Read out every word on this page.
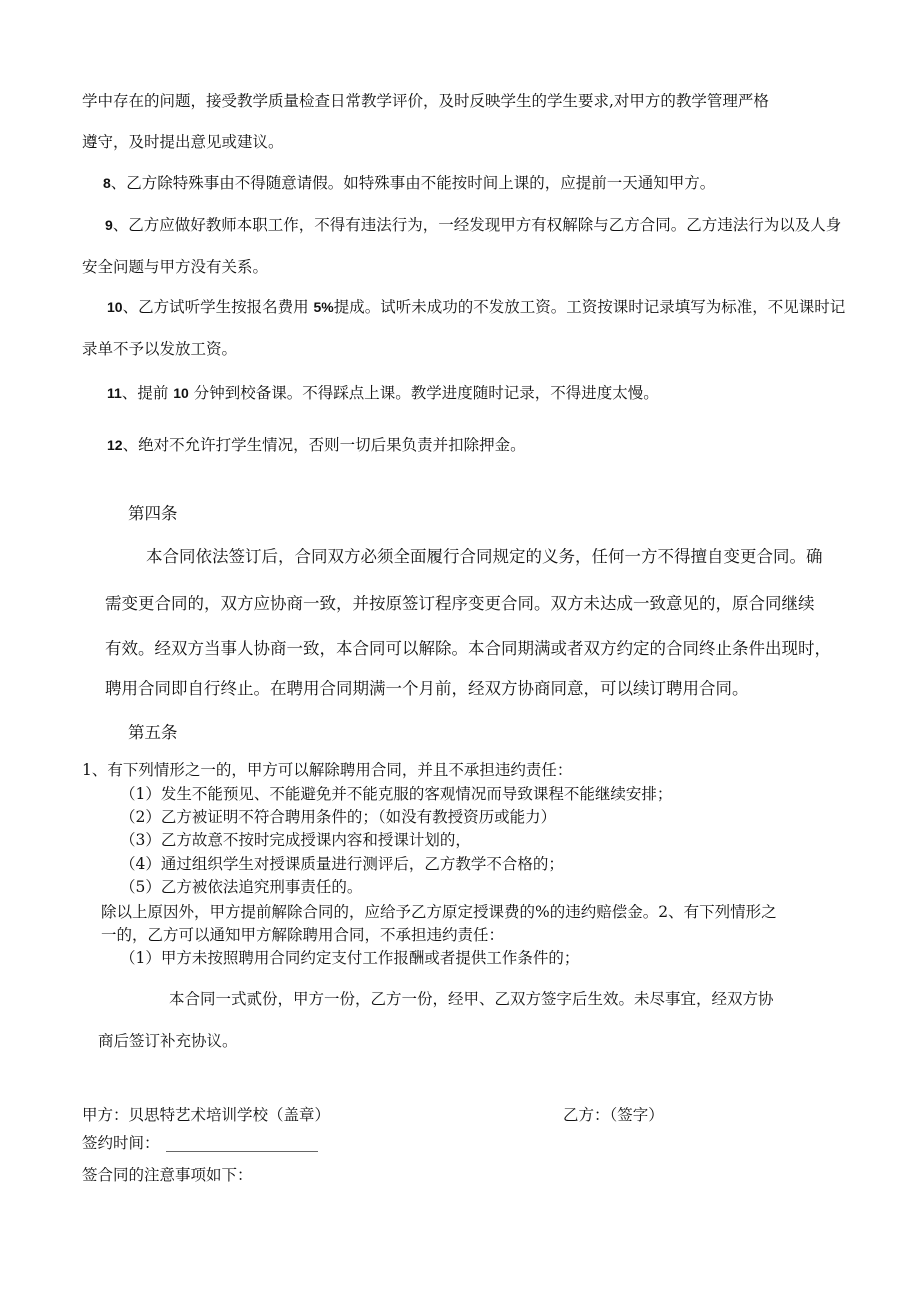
学中存在的问题，接受教学质量检查日常教学评价，及时反映学生的学生要求,对甲方的教学管理严格

遵守，及时提出意见或建议。

8、乙方除特殊事由不得随意请假。如特殊事由不能按时间上课的，应提前一天通知甲方。

9、乙方应做好教师本职工作，不得有违法行为，一经发现甲方有权解除与乙方合同。乙方违法行为以及人身

安全问题与甲方没有关系。

10、乙方试听学生按报名费用 5%提成。试听未成功的不发放工资。工资按课时记录填写为标准，不见课时记

录单不予以发放工资。

11、提前 10 分钟到校备课。不得踩点上课。教学进度随时记录，不得进度太慢。

12、绝对不允许打学生情况，否则一切后果负责并扣除押金。

第四条

本合同依法签订后，合同双方必须全面履行合同规定的义务，任何一方不得擅自变更合同。确

需变更合同的，双方应协商一致，并按原签订程序变更合同。双方未达成一致意见的，原合同继续

有效。经双方当事人协商一致，本合同可以解除。本合同期满或者双方约定的合同终止条件出现时，

聘用合同即自行终止。在聘用合同期满一个月前，经双方协商同意，可以续订聘用合同。

第五条

1、有下列情形之一的，甲方可以解除聘用合同，并且不承担违约责任：

（1）发生不能预见、不能避免并不能克服的客观情况而导致课程不能继续安排；

（2）乙方被证明不符合聘用条件的；（如没有教授资历或能力）

（3）乙方故意不按时完成授课内容和授课计划的，

（4）通过组织学生对授课质量进行测评后，乙方教学不合格的；

（5）乙方被依法追究刑事责任的。

除以上原因外，甲方提前解除合同的，应给予乙方原定授课费的%的违约赔偿金。2、有下列情形之

一的，乙方可以通知甲方解除聘用合同，不承担违约责任：

（1）甲方未按照聘用合同约定支付工作报酬或者提供工作条件的；

本合同一式贰份，甲方一份，乙方一份，经甲、乙双方签字后生效。未尽事宜，经双方协

商后签订补充协议。

甲方：贝思特艺术培训学校（盖章）	乙方：（签字）

签约时间：

签合同的注意事项如下：
